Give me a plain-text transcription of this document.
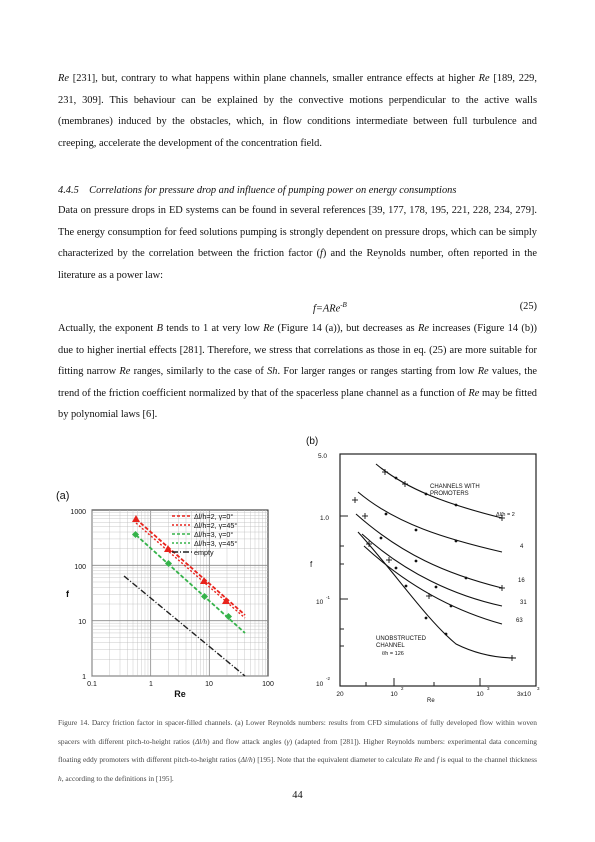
Re [231], but, contrary to what happens within plane channels, smaller entrance effects at higher Re [189, 229, 231, 309]. This behaviour can be explained by the convective motions perpendicular to the active walls (membranes) induced by the obstacles, which, in flow conditions intermediate between full turbulence and creeping, accelerate the development of the concentration field.

4.4.5 Correlations for pressure drop and influence of pumping power on energy consumptions

Data on pressure drops in ED systems can be found in several references [39, 177, 178, 195, 221, 228, 234, 279]. The energy consumption for feed solutions pumping is strongly dependent on pressure drops, which can be simply characterized by the correlation between the friction factor (f) and the Reynolds number, often reported in the literature as a power law:

f=ARe$^{-B}$	(25)

Actually, the exponent B tends to 1 at very low Re (Figure 14 (a)), but decreases as Re increases (Figure 14 (b)) due to higher inertial effects [281]. Therefore, we stress that correlations as those in eq. (25) are more suitable for fitting narrow Re ranges, similarly to the case of Sh. For larger ranges or ranges starting from low Re values, the trend of the friction coefficient normalized by that of the spacerless plane channel as a function of Re may be fitted by polynomial laws [6].

(a)
1000
100
10
1
0.1	1	10	100
f
Re
Δl/h=2, γ=0°
Δl/h=2, γ=45°
Δl/h=3, γ=0°
Δl/h=3, γ=45°
empty
(b)
5.0
1.0
10
-1
10
-2
20	10
2
10
3
3x10
3
f
Re
CHANNELS WITH
PROMOTERS
Δl/h = 2
4
16
31
63
UNOBSTRUCTED
CHANNEL
ℓ/h = 126
Figure 14. Darcy friction factor in spacer-filled channels. (a) Lower Reynolds numbers: results from CFD simulations of fully developed flow within woven spacers with different pitch-to-height ratios (Δl/h) and flow attack angles (γ) (adapted from [281]). Higher Reynolds numbers: experimental data concerning floating eddy promoters with different pitch-to-height ratios (Δl/h) [195]. Note that the equivalent diameter to calculate Re and f is equal to the channel thickness h, according to the definitions in [195].
44
